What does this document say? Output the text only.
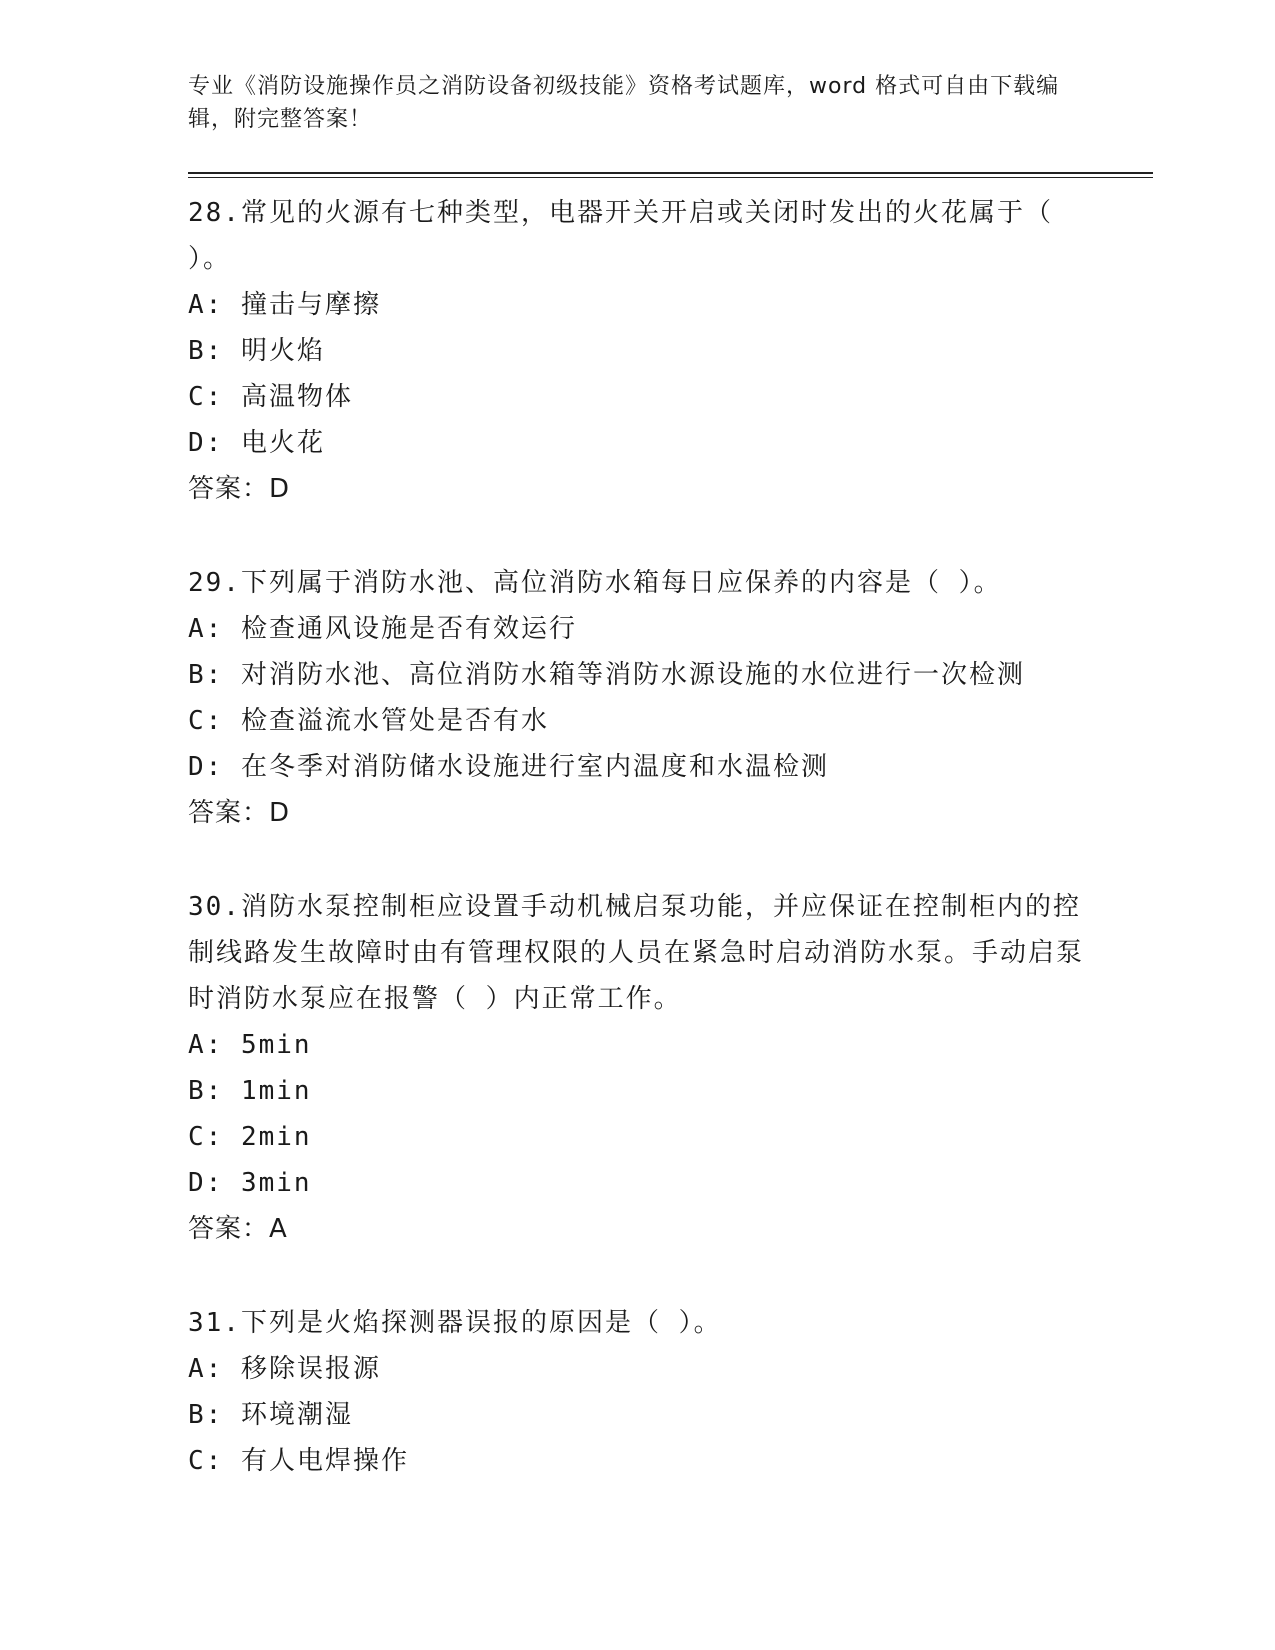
专业《消防设施操作员之消防设备初级技能》资格考试题库，word 格式可自由下载编辑，附完整答案！

28.常见的火源有七种类型，电器开关开启或关闭时发出的火花属于（ ）。

A: 撞击与摩擦

B: 明火焰

C: 高温物体

D: 电火花

答案：D

29.下列属于消防水池、高位消防水箱每日应保养的内容是（ ）。

A: 检查通风设施是否有效运行

B: 对消防水池、高位消防水箱等消防水源设施的水位进行一次检测

C: 检查溢流水管处是否有水

D: 在冬季对消防储水设施进行室内温度和水温检测

答案：D

30.消防水泵控制柜应设置手动机械启泵功能，并应保证在控制柜内的控制线路发生故障时由有管理权限的人员在紧急时启动消防水泵。手动启泵时消防水泵应在报警（ ）内正常工作。

A: 5min

B: 1min

C: 2min

D: 3min

答案：A

31.下列是火焰探测器误报的原因是（ ）。

A: 移除误报源

B: 环境潮湿

C: 有人电焊操作
